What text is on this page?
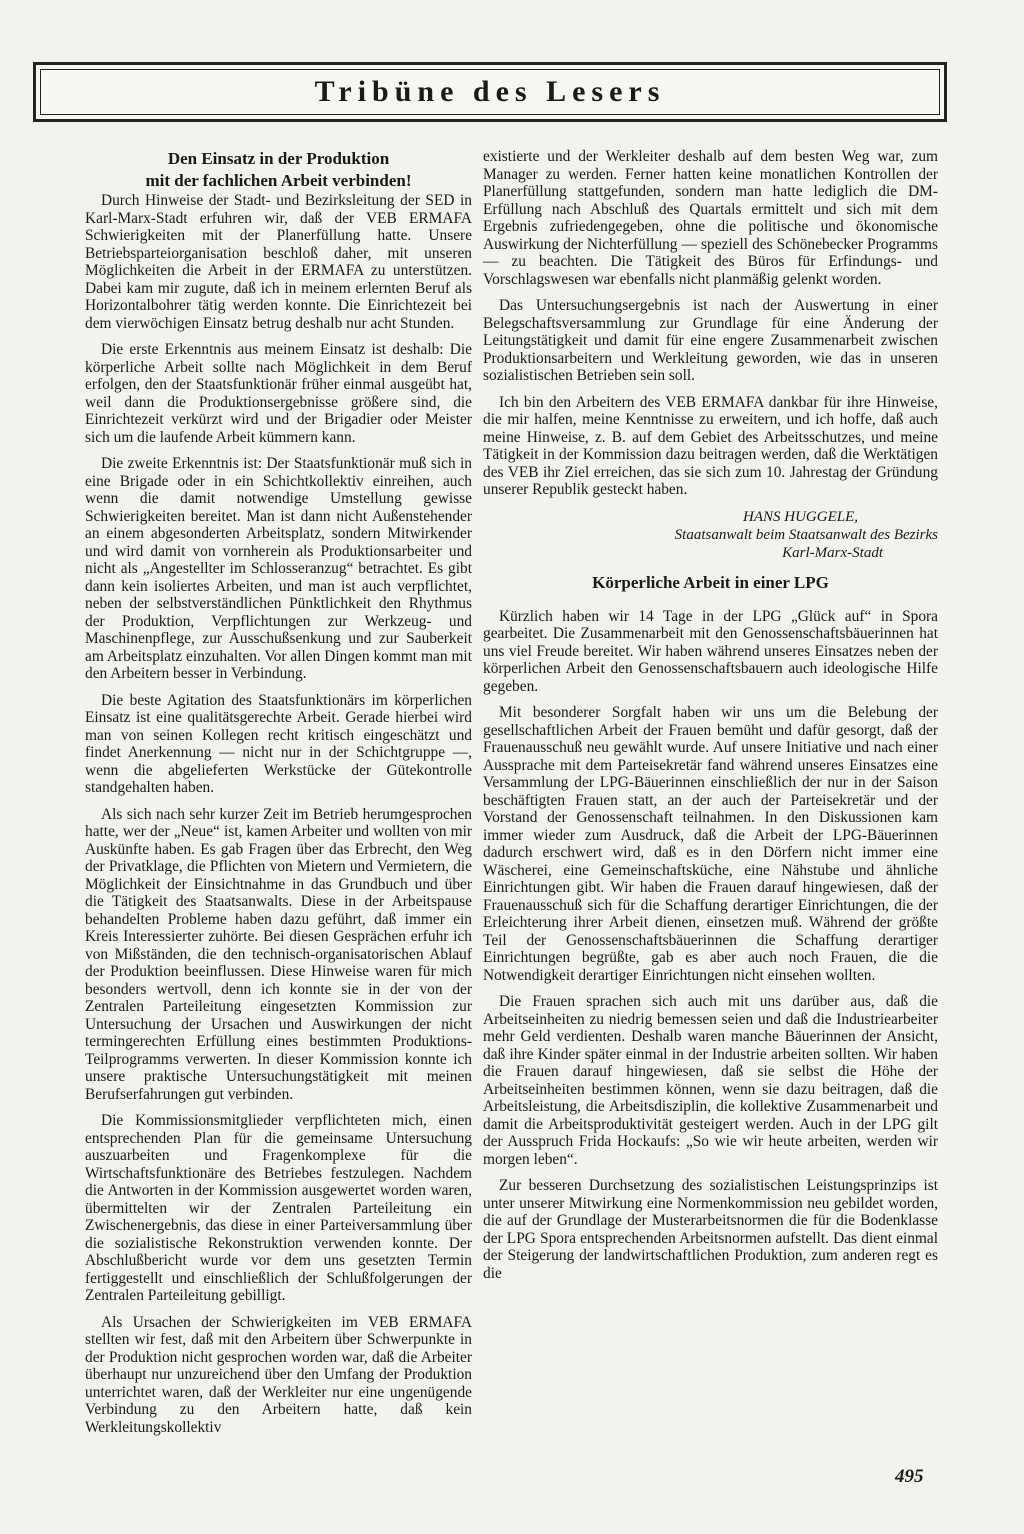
Tribüne des Lesers
Den Einsatz in der Produktion
mit der fachlichen Arbeit verbinden!

Durch Hinweise der Stadt- und Bezirksleitung der SED in Karl-Marx-Stadt erfuhren wir, daß der VEB ERMAFA Schwierigkeiten mit der Planerfüllung hatte. Unsere Betriebsparteiorganisation beschloß daher, mit unseren Möglichkeiten die Arbeit in der ERMAFA zu unterstützen. Dabei kam mir zugute, daß ich in meinem erlernten Beruf als Horizontalbohrer tätig werden konnte. Die Einrichtezeit bei dem vierwöchigen Einsatz betrug deshalb nur acht Stunden.

Die erste Erkenntnis aus meinem Einsatz ist deshalb: Die körperliche Arbeit sollte nach Möglichkeit in dem Beruf erfolgen, den der Staatsfunktionär früher einmal ausgeübt hat, weil dann die Produktionsergebnisse größere sind, die Einrichtezeit verkürzt wird und der Brigadier oder Meister sich um die laufende Arbeit kümmern kann.

Die zweite Erkenntnis ist: Der Staatsfunktionär muß sich in eine Brigade oder in ein Schichtkollektiv einreihen, auch wenn die damit notwendige Umstellung gewisse Schwierigkeiten bereitet. Man ist dann nicht Außenstehender an einem abgesonderten Arbeitsplatz, sondern Mitwirkender und wird damit von vornherein als Produktionsarbeiter und nicht als „Angestellter im Schlosseranzug“ betrachtet. Es gibt dann kein isoliertes Arbeiten, und man ist auch verpflichtet, neben der selbstverständlichen Pünktlichkeit den Rhythmus der Produktion, Verpflichtungen zur Werkzeug- und Maschinenpflege, zur Ausschußsenkung und zur Sauberkeit am Arbeitsplatz einzuhalten. Vor allen Dingen kommt man mit den Arbeitern besser in Verbindung.

Die beste Agitation des Staatsfunktionärs im körperlichen Einsatz ist eine qualitätsgerechte Arbeit. Gerade hierbei wird man von seinen Kollegen recht kritisch eingeschätzt und findet Anerkennung — nicht nur in der Schichtgruppe —, wenn die abgelieferten Werkstücke der Gütekontrolle standgehalten haben.

Als sich nach sehr kurzer Zeit im Betrieb herumgesprochen hatte, wer der „Neue“ ist, kamen Arbeiter und wollten von mir Auskünfte haben. Es gab Fragen über das Erbrecht, den Weg der Privatklage, die Pflichten von Mietern und Vermietern, die Möglichkeit der Einsichtnahme in das Grundbuch und über die Tätigkeit des Staatsanwalts. Diese in der Arbeitspause behandelten Probleme haben dazu geführt, daß immer ein Kreis Interessierter zuhörte. Bei diesen Gesprächen erfuhr ich von Mißständen, die den technisch-organisatorischen Ablauf der Produktion beeinflussen. Diese Hinweise waren für mich besonders wertvoll, denn ich konnte sie in der von der Zentralen Parteileitung eingesetzten Kommission zur Untersuchung der Ursachen und Auswirkungen der nicht termingerechten Erfüllung eines bestimmten Produktions-Teilprogramms verwerten. In dieser Kommission konnte ich unsere praktische Untersuchungstätigkeit mit meinen Berufserfahrungen gut verbinden.

Die Kommissionsmitglieder verpflichteten mich, einen entsprechenden Plan für die gemeinsame Untersuchung auszuarbeiten und Fragenkomplexe für die Wirtschaftsfunktionäre des Betriebes festzulegen. Nachdem die Antworten in der Kommission ausgewertet worden waren, übermittelten wir der Zentralen Parteileitung ein Zwischenergebnis, das diese in einer Parteiversammlung über die sozialistische Rekonstruktion verwenden konnte. Der Abschlußbericht wurde vor dem uns gesetzten Termin fertiggestellt und einschließlich der Schlußfolgerungen der Zentralen Parteileitung gebilligt.

Als Ursachen der Schwierigkeiten im VEB ERMAFA stellten wir fest, daß mit den Arbeitern über Schwerpunkte in der Produktion nicht gesprochen worden war, daß die Arbeiter überhaupt nur unzureichend über den Umfang der Produktion unterrichtet waren, daß der Werkleiter nur eine ungenügende Verbindung zu den Arbeitern hatte, daß kein Werkleitungskollektiv

existierte und der Werkleiter deshalb auf dem besten Weg war, zum Manager zu werden. Ferner hatten keine monatlichen Kontrollen der Planerfüllung stattgefunden, sondern man hatte lediglich die DM-Erfüllung nach Abschluß des Quartals ermittelt und sich mit dem Ergebnis zufriedengegeben, ohne die politische und ökonomische Auswirkung der Nichterfüllung — speziell des Schönebecker Programms — zu beachten. Die Tätigkeit des Büros für Erfindungs- und Vorschlagswesen war ebenfalls nicht planmäßig gelenkt worden.

Das Untersuchungsergebnis ist nach der Auswertung in einer Belegschaftsversammlung zur Grundlage für eine Änderung der Leitungstätigkeit und damit für eine engere Zusammenarbeit zwischen Produktionsarbeitern und Werkleitung geworden, wie das in unseren sozialistischen Betrieben sein soll.

Ich bin den Arbeitern des VEB ERMAFA dankbar für ihre Hinweise, die mir halfen, meine Kenntnisse zu erweitern, und ich hoffe, daß auch meine Hinweise, z. B. auf dem Gebiet des Arbeitsschutzes, und meine Tätigkeit in der Kommission dazu beitragen werden, daß die Werktätigen des VEB ihr Ziel erreichen, das sie sich zum 10. Jahrestag der Gründung unserer Republik gesteckt haben.

HANS HUGGELE,
Staatsanwalt beim Staatsanwalt des Bezirks
Karl-Marx-Stadt
Körperliche Arbeit in einer LPG

Kürzlich haben wir 14 Tage in der LPG „Glück auf“ in Spora gearbeitet. Die Zusammenarbeit mit den Genossenschaftsbäuerinnen hat uns viel Freude bereitet. Wir haben während unseres Einsatzes neben der körperlichen Arbeit den Genossenschaftsbauern auch ideologische Hilfe gegeben.

Mit besonderer Sorgfalt haben wir uns um die Belebung der gesellschaftlichen Arbeit der Frauen bemüht und dafür gesorgt, daß der Frauenausschuß neu gewählt wurde. Auf unsere Initiative und nach einer Aussprache mit dem Parteisekretär fand während unseres Einsatzes eine Versammlung der LPG-Bäuerinnen einschließlich der nur in der Saison beschäftigten Frauen statt, an der auch der Parteisekretär und der Vorstand der Genossenschaft teilnahmen. In den Diskussionen kam immer wieder zum Ausdruck, daß die Arbeit der LPG-Bäuerinnen dadurch erschwert wird, daß es in den Dörfern nicht immer eine Wäscherei, eine Gemeinschaftsküche, eine Nähstube und ähnliche Einrichtungen gibt. Wir haben die Frauen darauf hingewiesen, daß der Frauenausschuß sich für die Schaffung derartiger Einrichtungen, die der Erleichterung ihrer Arbeit dienen, einsetzen muß. Während der größte Teil der Genossenschaftsbäuerinnen die Schaffung derartiger Einrichtungen begrüßte, gab es aber auch noch Frauen, die die Notwendigkeit derartiger Einrichtungen nicht einsehen wollten.

Die Frauen sprachen sich auch mit uns darüber aus, daß die Arbeitseinheiten zu niedrig bemessen seien und daß die Industriearbeiter mehr Geld verdienten. Deshalb waren manche Bäuerinnen der Ansicht, daß ihre Kinder später einmal in der Industrie arbeiten sollten. Wir haben die Frauen darauf hingewiesen, daß sie selbst die Höhe der Arbeitseinheiten bestimmen können, wenn sie dazu beitragen, daß die Arbeitsleistung, die Arbeitsdisziplin, die kollektive Zusammenarbeit und damit die Arbeitsproduktivität gesteigert werden. Auch in der LPG gilt der Ausspruch Frida Hockaufs: „So wie wir heute arbeiten, werden wir morgen leben“.

Zur besseren Durchsetzung des sozialistischen Leistungsprinzips ist unter unserer Mitwirkung eine Normenkommission neu gebildet worden, die auf der Grundlage der Musterarbeitsnormen die für die Bodenklasse der LPG Spora entsprechenden Arbeitsnormen aufstellt. Das dient einmal der Steigerung der landwirtschaftlichen Produktion, zum anderen regt es die

495
